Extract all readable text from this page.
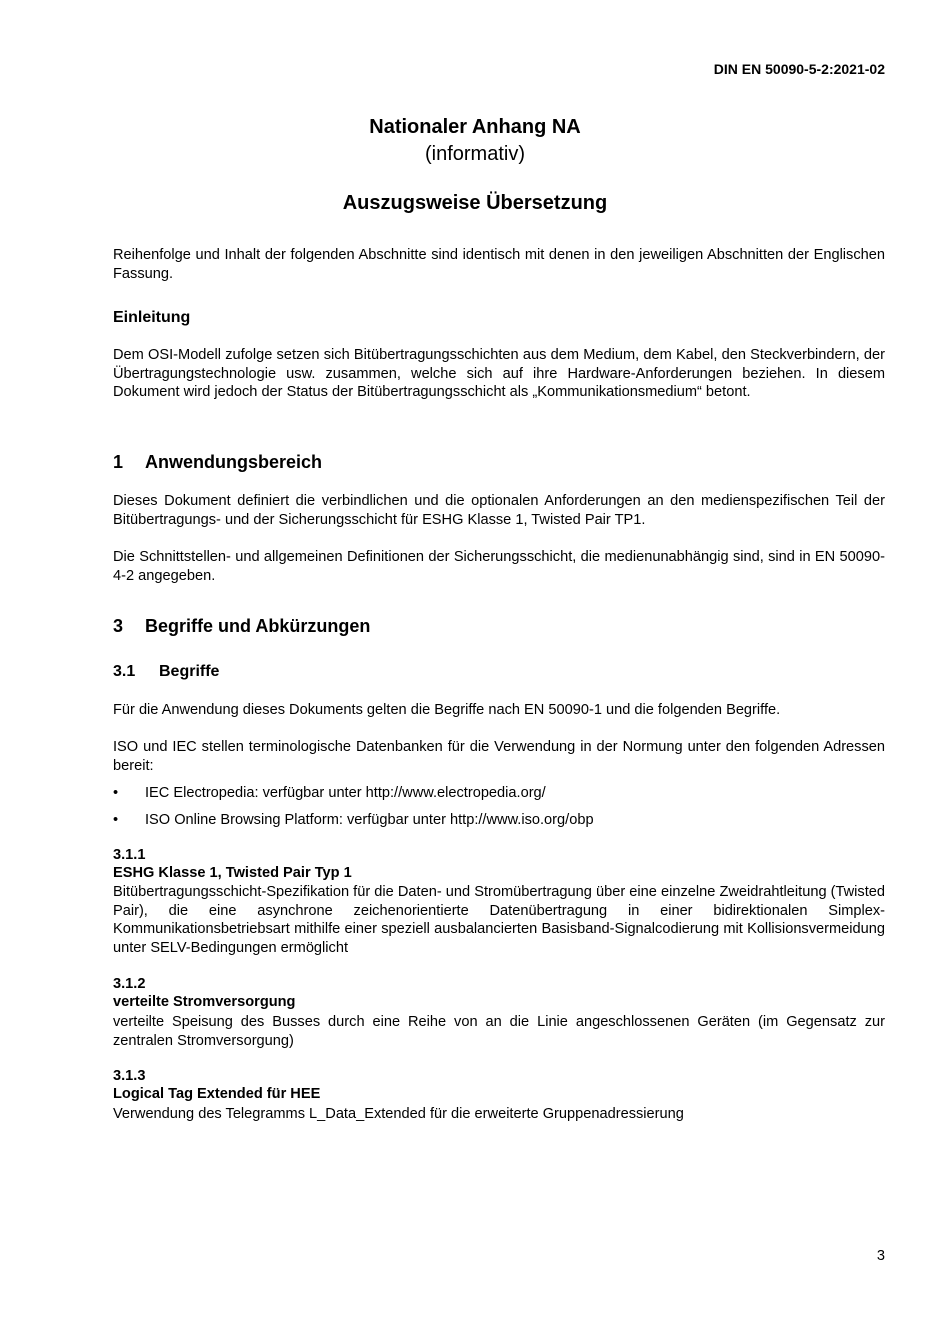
DIN EN 50090-5-2:2021-02
Nationaler Anhang NA
(informativ)
Auszugsweise Übersetzung

Reihenfolge und Inhalt der folgenden Abschnitte sind identisch mit denen in den jeweiligen Abschnitten der Englischen Fassung.

Einleitung

Dem OSI-Modell zufolge setzen sich Bitübertragungsschichten aus dem Medium, dem Kabel, den Steckverbindern, der Übertragungstechnologie usw. zusammen, welche sich auf ihre Hardware-Anforderungen beziehen. In diesem Dokument wird jedoch der Status der Bitübertragungsschicht als „Kommunikationsmedium“ betont.

1 Anwendungsbereich

Dieses Dokument definiert die verbindlichen und die optionalen Anforderungen an den medienspezifischen Teil der Bitübertragungs- und der Sicherungsschicht für ESHG Klasse 1, Twisted Pair TP1.

Die Schnittstellen- und allgemeinen Definitionen der Sicherungsschicht, die medienunabhängig sind, sind in EN 50090-4-2 angegeben.

3 Begriffe und Abkürzungen
3.1 Begriffe

Für die Anwendung dieses Dokuments gelten die Begriffe nach EN 50090-1 und die folgenden Begriffe.

ISO und IEC stellen terminologische Datenbanken für die Verwendung in der Normung unter den folgenden Adressen bereit:

• IEC Electropedia: verfügbar unter http://www.electropedia.org/
• ISO Online Browsing Platform: verfügbar unter http://www.iso.org/obp
3.1.1
ESHG Klasse 1, Twisted Pair Typ 1

Bitübertragungsschicht-Spezifikation für die Daten- und Stromübertragung über eine einzelne Zweidrahtleitung (Twisted Pair), die eine asynchrone zeichenorientierte Datenübertragung in einer bidirektionalen Simplex-Kommunikationsbetriebsart mithilfe einer speziell ausbalancierten Basisband-Signalcodierung mit Kollisionsvermeidung unter SELV-Bedingungen ermöglicht

3.1.2
verteilte Stromversorgung

verteilte Speisung des Busses durch eine Reihe von an die Linie angeschlossenen Geräten (im Gegensatz zur zentralen Stromversorgung)

3.1.3
Logical Tag Extended für HEE

Verwendung des Telegramms L_Data_Extended für die erweiterte Gruppenadressierung

3
